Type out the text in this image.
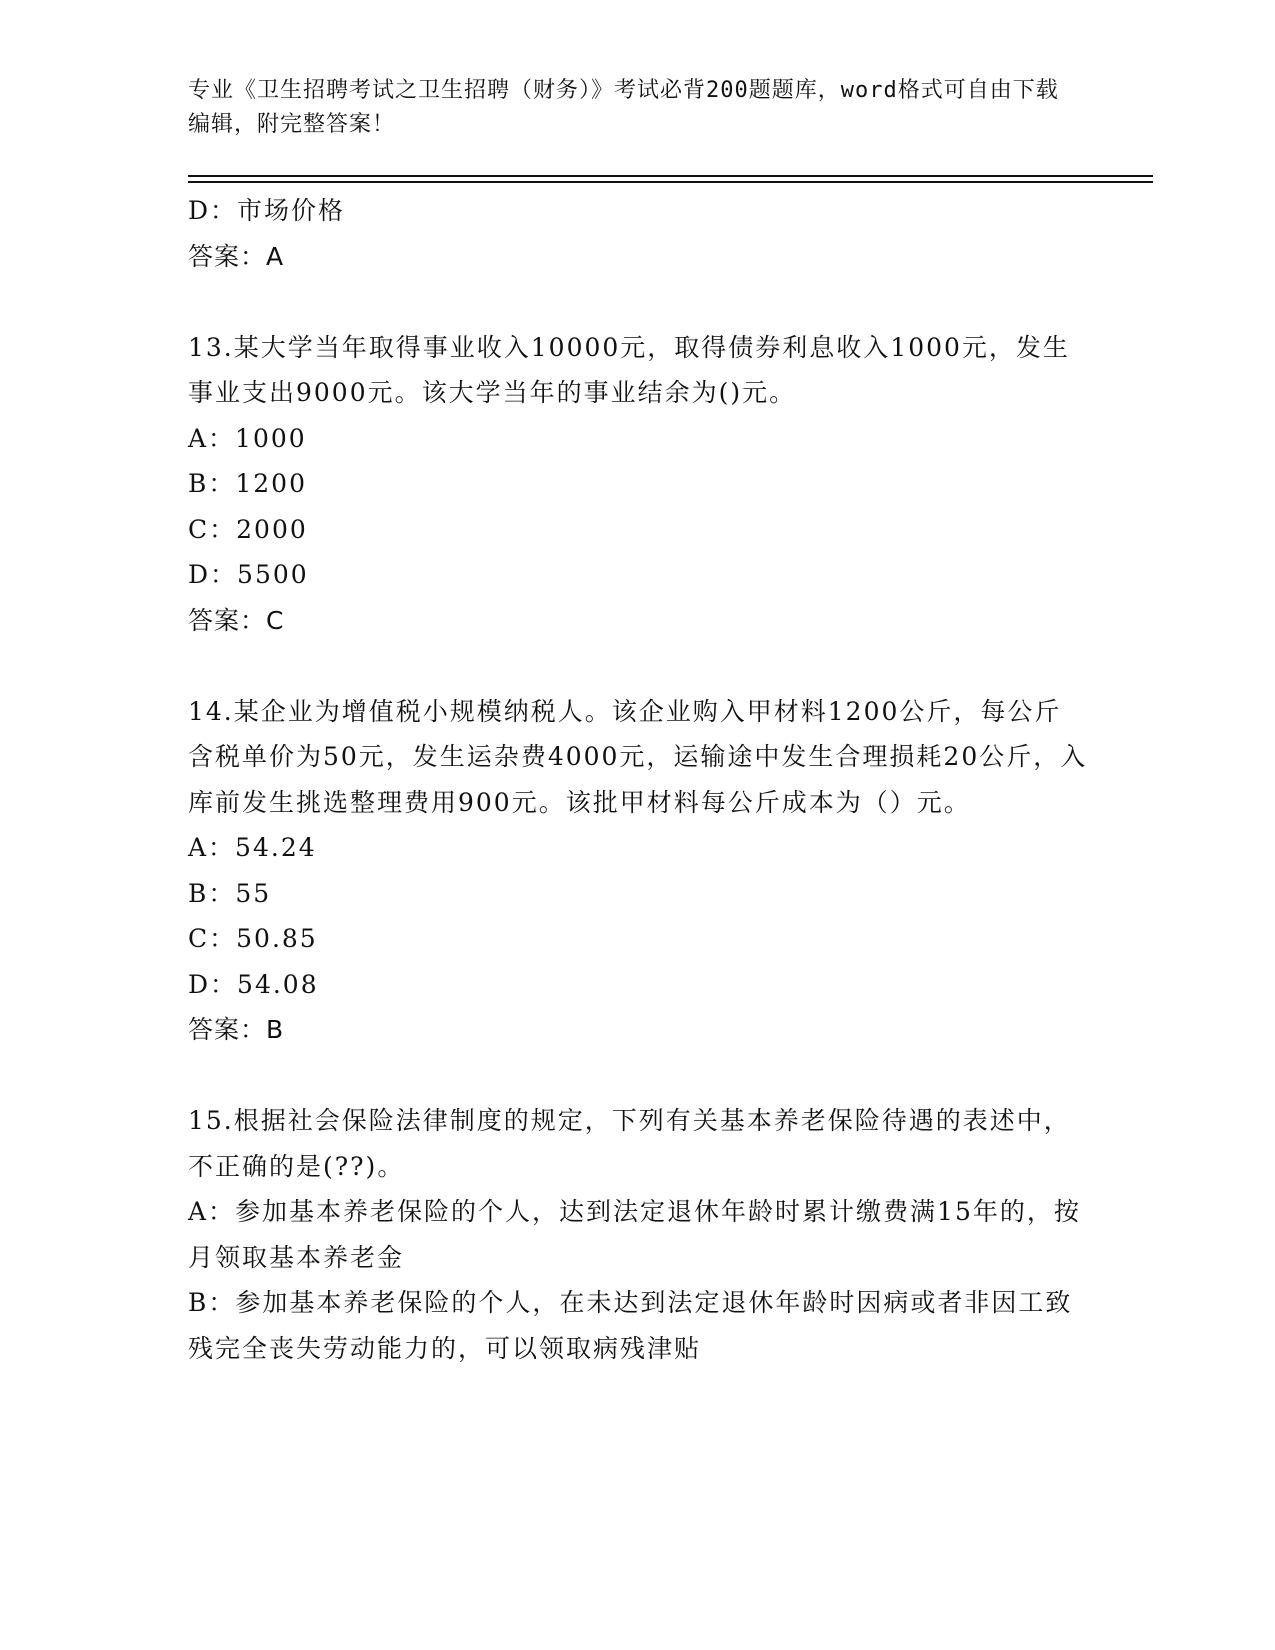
专业《卫生招聘考试之卫生招聘（财务）》考试必背200题题库，word格式可自由下载编辑，附完整答案！

D：市场价格

答案：A

13.某大学当年取得事业收入10000元，取得债券利息收入1000元，发生事业支出9000元。该大学当年的事业结余为()元。

A：1000

B：1200

C：2000

D：5500

答案：C

14.某企业为增值税小规模纳税人。该企业购入甲材料1200公斤，每公斤含税单价为50元，发生运杂费4000元，运输途中发生合理损耗20公斤，入库前发生挑选整理费用900元。该批甲材料每公斤成本为（）元。

A：54.24

B：55

C：50.85

D：54.08

答案：B

15.根据社会保险法律制度的规定，下列有关基本养老保险待遇的表述中，不正确的是(??)。

A：参加基本养老保险的个人，达到法定退休年龄时累计缴费满15年的，按月领取基本养老金

B：参加基本养老保险的个人，在未达到法定退休年龄时因病或者非因工致残完全丧失劳动能力的，可以领取病残津贴
